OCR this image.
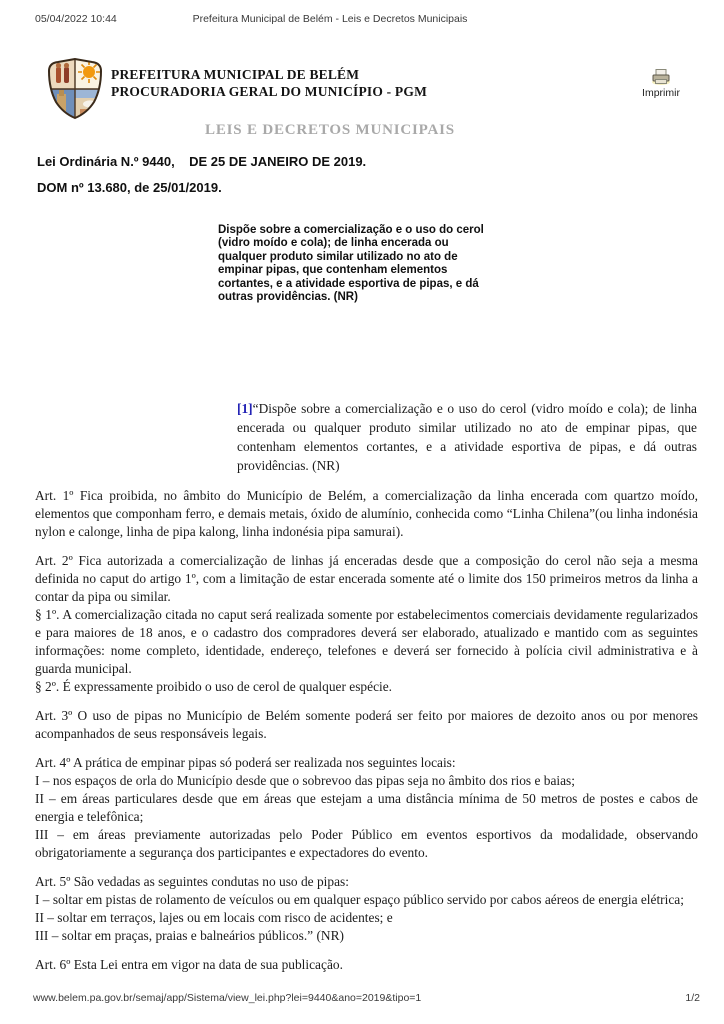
05/04/2022 10:44	Prefeitura Municipal de Belém - Leis e Decretos Municipais
PREFEITURA MUNICIPAL DE BELÉM
PROCURADORIA GERAL DO MUNICÍPIO - PGM	Imprimir
LEIS E DECRETOS MUNICIPAIS
Lei Ordinária N.º 9440,    DE 25 DE JANEIRO DE 2019.
DOM nº 13.680, de 25/01/2019.
Dispõe sobre a comercialização e o uso do cerol (vidro moído e cola); de linha encerada ou qualquer produto similar utilizado no ato de empinar pipas, que contenham elementos cortantes, e a atividade esportiva de pipas, e dá outras providências. (NR)

[1]“Dispõe sobre a comercialização e o uso do cerol (vidro moído e cola); de linha encerada ou qualquer produto similar utilizado no ato de empinar pipas, que contenham elementos cortantes, e a atividade esportiva de pipas, e dá outras providências. (NR)

Art. 1º Fica proibida, no âmbito do Município de Belém, a comercialização da linha encerada com quartzo moído, elementos que componham ferro, e demais metais, óxido de alumínio, conhecida como “Linha Chilena”(ou linha indonésia nylon e calonge, linha de pipa kalong, linha indonésia pipa samurai).
Art. 2º Fica autorizada a comercialização de linhas já enceradas desde que a composição do cerol não seja a mesma definida no caput do artigo 1º, com a limitação de estar encerada somente até o limite dos 150 primeiros metros da linha a contar da pipa ou similar.
§ 1º. A comercialização citada no caput será realizada somente por estabelecimentos comerciais devidamente regularizados e para maiores de 18 anos, e o cadastro dos compradores deverá ser elaborado, atualizado e mantido com as seguintes informações: nome completo, identidade, endereço, telefones e deverá ser fornecido à polícia civil administrativa e à guarda municipal.
§ 2º. É expressamente proibido o uso de cerol de qualquer espécie.
Art. 3º O uso de pipas no Município de Belém somente poderá ser feito por maiores de dezoito anos ou por menores acompanhados de seus responsáveis legais.
Art. 4º A prática de empinar pipas só poderá ser realizada nos seguintes locais:
I – nos espaços de orla do Município desde que o sobrevoo das pipas seja no âmbito dos rios e baias;
II – em áreas particulares desde que em áreas que estejam a uma distância mínima de 50 metros de postes e cabos de energia e telefônica;
III – em áreas previamente autorizadas pelo Poder Público em eventos esportivos da modalidade, observando obrigatoriamente a segurança dos participantes e expectadores do evento.
Art. 5º São vedadas as seguintes condutas no uso de pipas:
I – soltar em pistas de rolamento de veículos ou em qualquer espaço público servido por cabos aéreos de energia elétrica;
II – soltar em terraços, lajes ou em locais com risco de acidentes; e
III – soltar em praças, praias e balneários públicos.” (NR)
Art. 6º Esta Lei entra em vigor na data de sua publicação.
www.belem.pa.gov.br/semaj/app/Sistema/view_lei.php?lei=9440&ano=2019&tipo=1	1/2
